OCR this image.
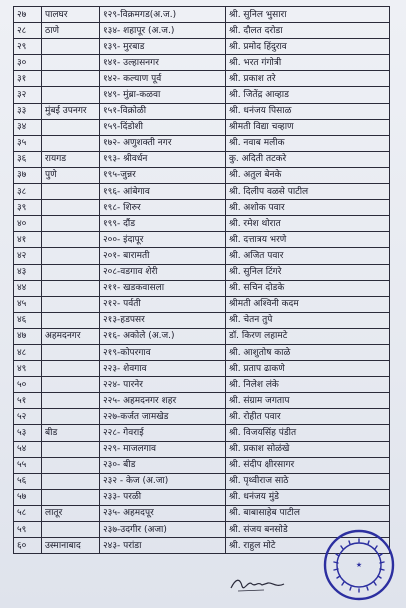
२७	पालघर	१२९-विक्रमगड(अ.ज.)	श्री. सुनिल भुसारा
२८	ठाणे	१३४- शहापूर (अ.ज.)	श्री. दौलत दरोडा
२९		१३९- मुरबाड	श्री. प्रमोद हिंदुराव
३०		१४१- उल्हासनगर	श्री. भरत गंगोत्री
३१		१४२- कल्याण पूर्व	श्री. प्रकाश तरे
३२		१४९- मुंब्रा-कळवा	श्री. जितेंद्र आव्हाड
३३	मुंबई उपनगर	१५१-विक्रोळी	श्री. धनंजय पिसाळ
३४		१५९-दिंडोशी	श्रीमती विद्या चव्हाण
३५		१७२- अणुशक्ती नगर	श्री. नवाब मलीक
३६	रायगड	१९३- श्रीवर्धन	कु. अदिती तटकरे
३७	पुणे	१९५-जुन्नर	श्री. अतुल बेनके
३८		१९६- आंबेगाव	श्री. दिलीप वळसे पाटील
३९		१९८- शिरुर	श्री. अशोक पवार
४०		१९९- दौंड	श्री. रमेश थोरात
४१		२००- इंदापूर	श्री. दत्तात्रय भरणे
४२		२०१- बारामती	श्री. अजित पवार
४३		२०८-वडगाव शेरी	श्री. सुनिल टिंगरे
४४		२११- खडकवासला	श्री. सचिन दोडके
४५		२१२- पर्वती	श्रीमती अश्विनी कदम
४६		२१३-हडपसर	श्री. चेतन तुपे
४७	अहमदनगर	२१६- अकोले (अ.ज.)	डॉ. किरण लहामटे
४८		२१९-कोपरगाव	श्री. आशुतोष काळे
४९		२२३- शेवगाव	श्री. प्रताप ढाकणे
५०		२२४- पारनेर	श्री. निलेश लंके
५१		२२५- अहमदनगर शहर	श्री. संग्राम जगताप
५२		२२७-कर्जत जामखेड	श्री. रोहीत पवार
५३	बीड	२२८- गेवराई	श्री. विजयसिंह पंडीत
५४		२२९- माजलगाव	श्री. प्रकाश सोळंखे
५५		२३०- बीड	श्री. संदीप क्षीरसागर
५६		२३२ - केज (अ.जा)	श्री. पृथ्वीराज साठे
५७		२३३- परळी	श्री. धनंजय मुंडे
५८	लातूर	२३५- अहमदपूर	श्री. बाबासाहेब पाटील
५९		२३७-उदगीर (अजा)	श्री. संजय बनसोडे
६०	उस्मानाबाद	२४३- परांडा	श्री. राहुल मोटे
★
